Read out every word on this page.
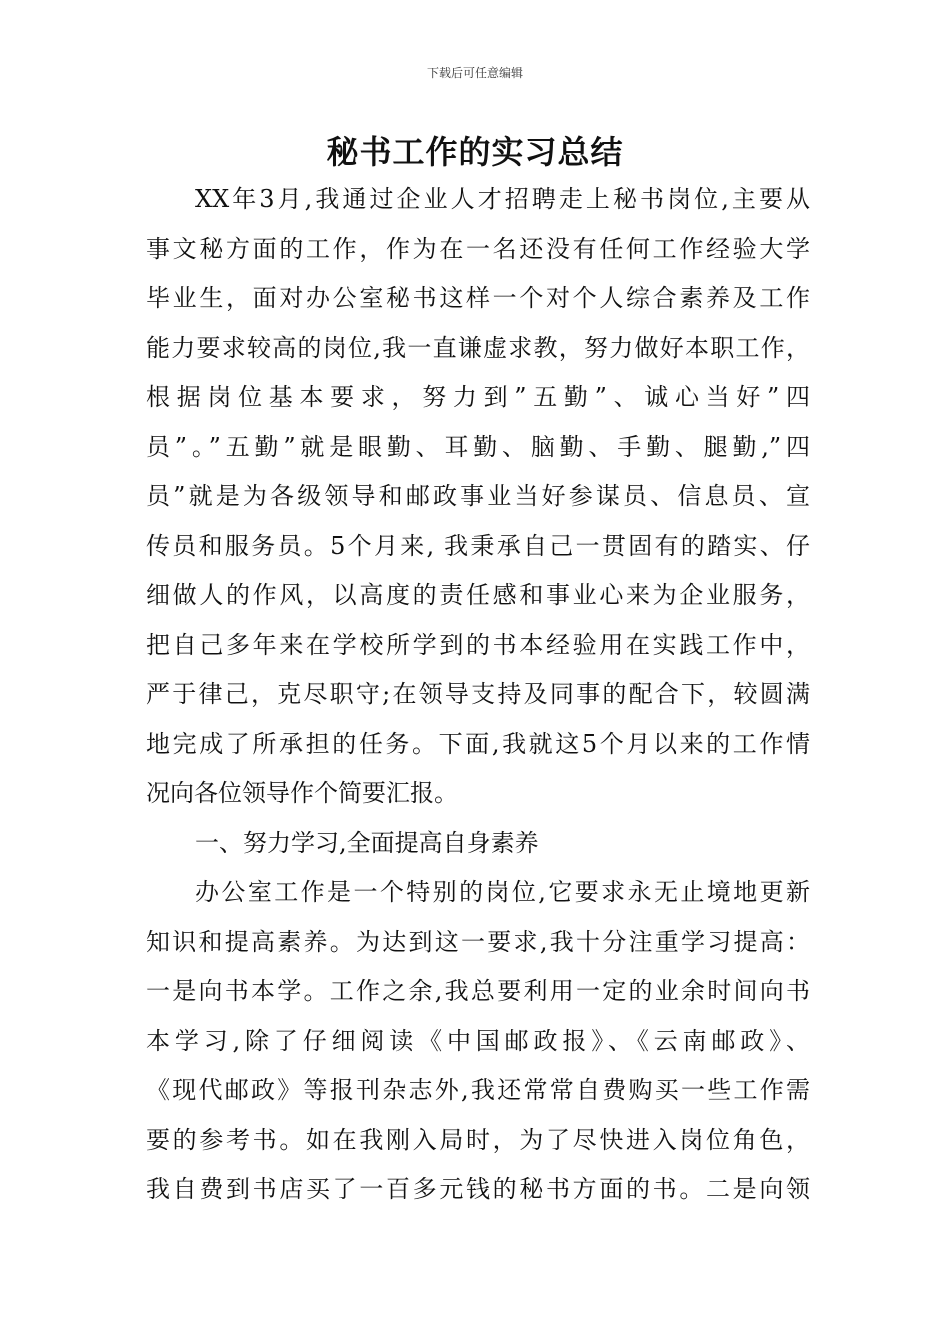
下载后可任意编辑
秘书工作的实习总结
XX年3月,我通过企业人才招聘走上秘书岗位,主要从
事文秘方面的工作，作为在一名还没有任何工作经验大学
毕业生，面对办公室秘书这样一个对个人综合素养及工作
能力要求较高的岗位,我一直谦虚求教，努力做好本职工作，
根据岗位基本要求，努力到”五勤”、诚心当好”四
员”。”五勤”就是眼勤、耳勤、脑勤、手勤、腿勤,”四
员”就是为各级领导和邮政事业当好参谋员、信息员、宣
传员和服务员。5个月来, 我秉承自己一贯固有的踏实、仔
细做人的作风，以高度的责任感和事业心来为企业服务，
把自己多年来在学校所学到的书本经验用在实践工作中，
严于律己，克尽职守;在领导支持及同事的配合下，较圆满
地完成了所承担的任务。下面,我就这5个月以来的工作情
况向各位领导作个简要汇报。
一、努力学习,全面提高自身素养
办公室工作是一个特别的岗位,它要求永无止境地更新
知识和提高素养。为达到这一要求,我十分注重学习提高：
一是向书本学。工作之余,我总要利用一定的业余时间向书
本学习,除了仔细阅读《中国邮政报》、《云南邮政》、
《现代邮政》等报刊杂志外,我还常常自费购买一些工作需
要的参考书。如在我刚入局时，为了尽快进入岗位角色，
我自费到书店买了一百多元钱的秘书方面的书。二是向领
